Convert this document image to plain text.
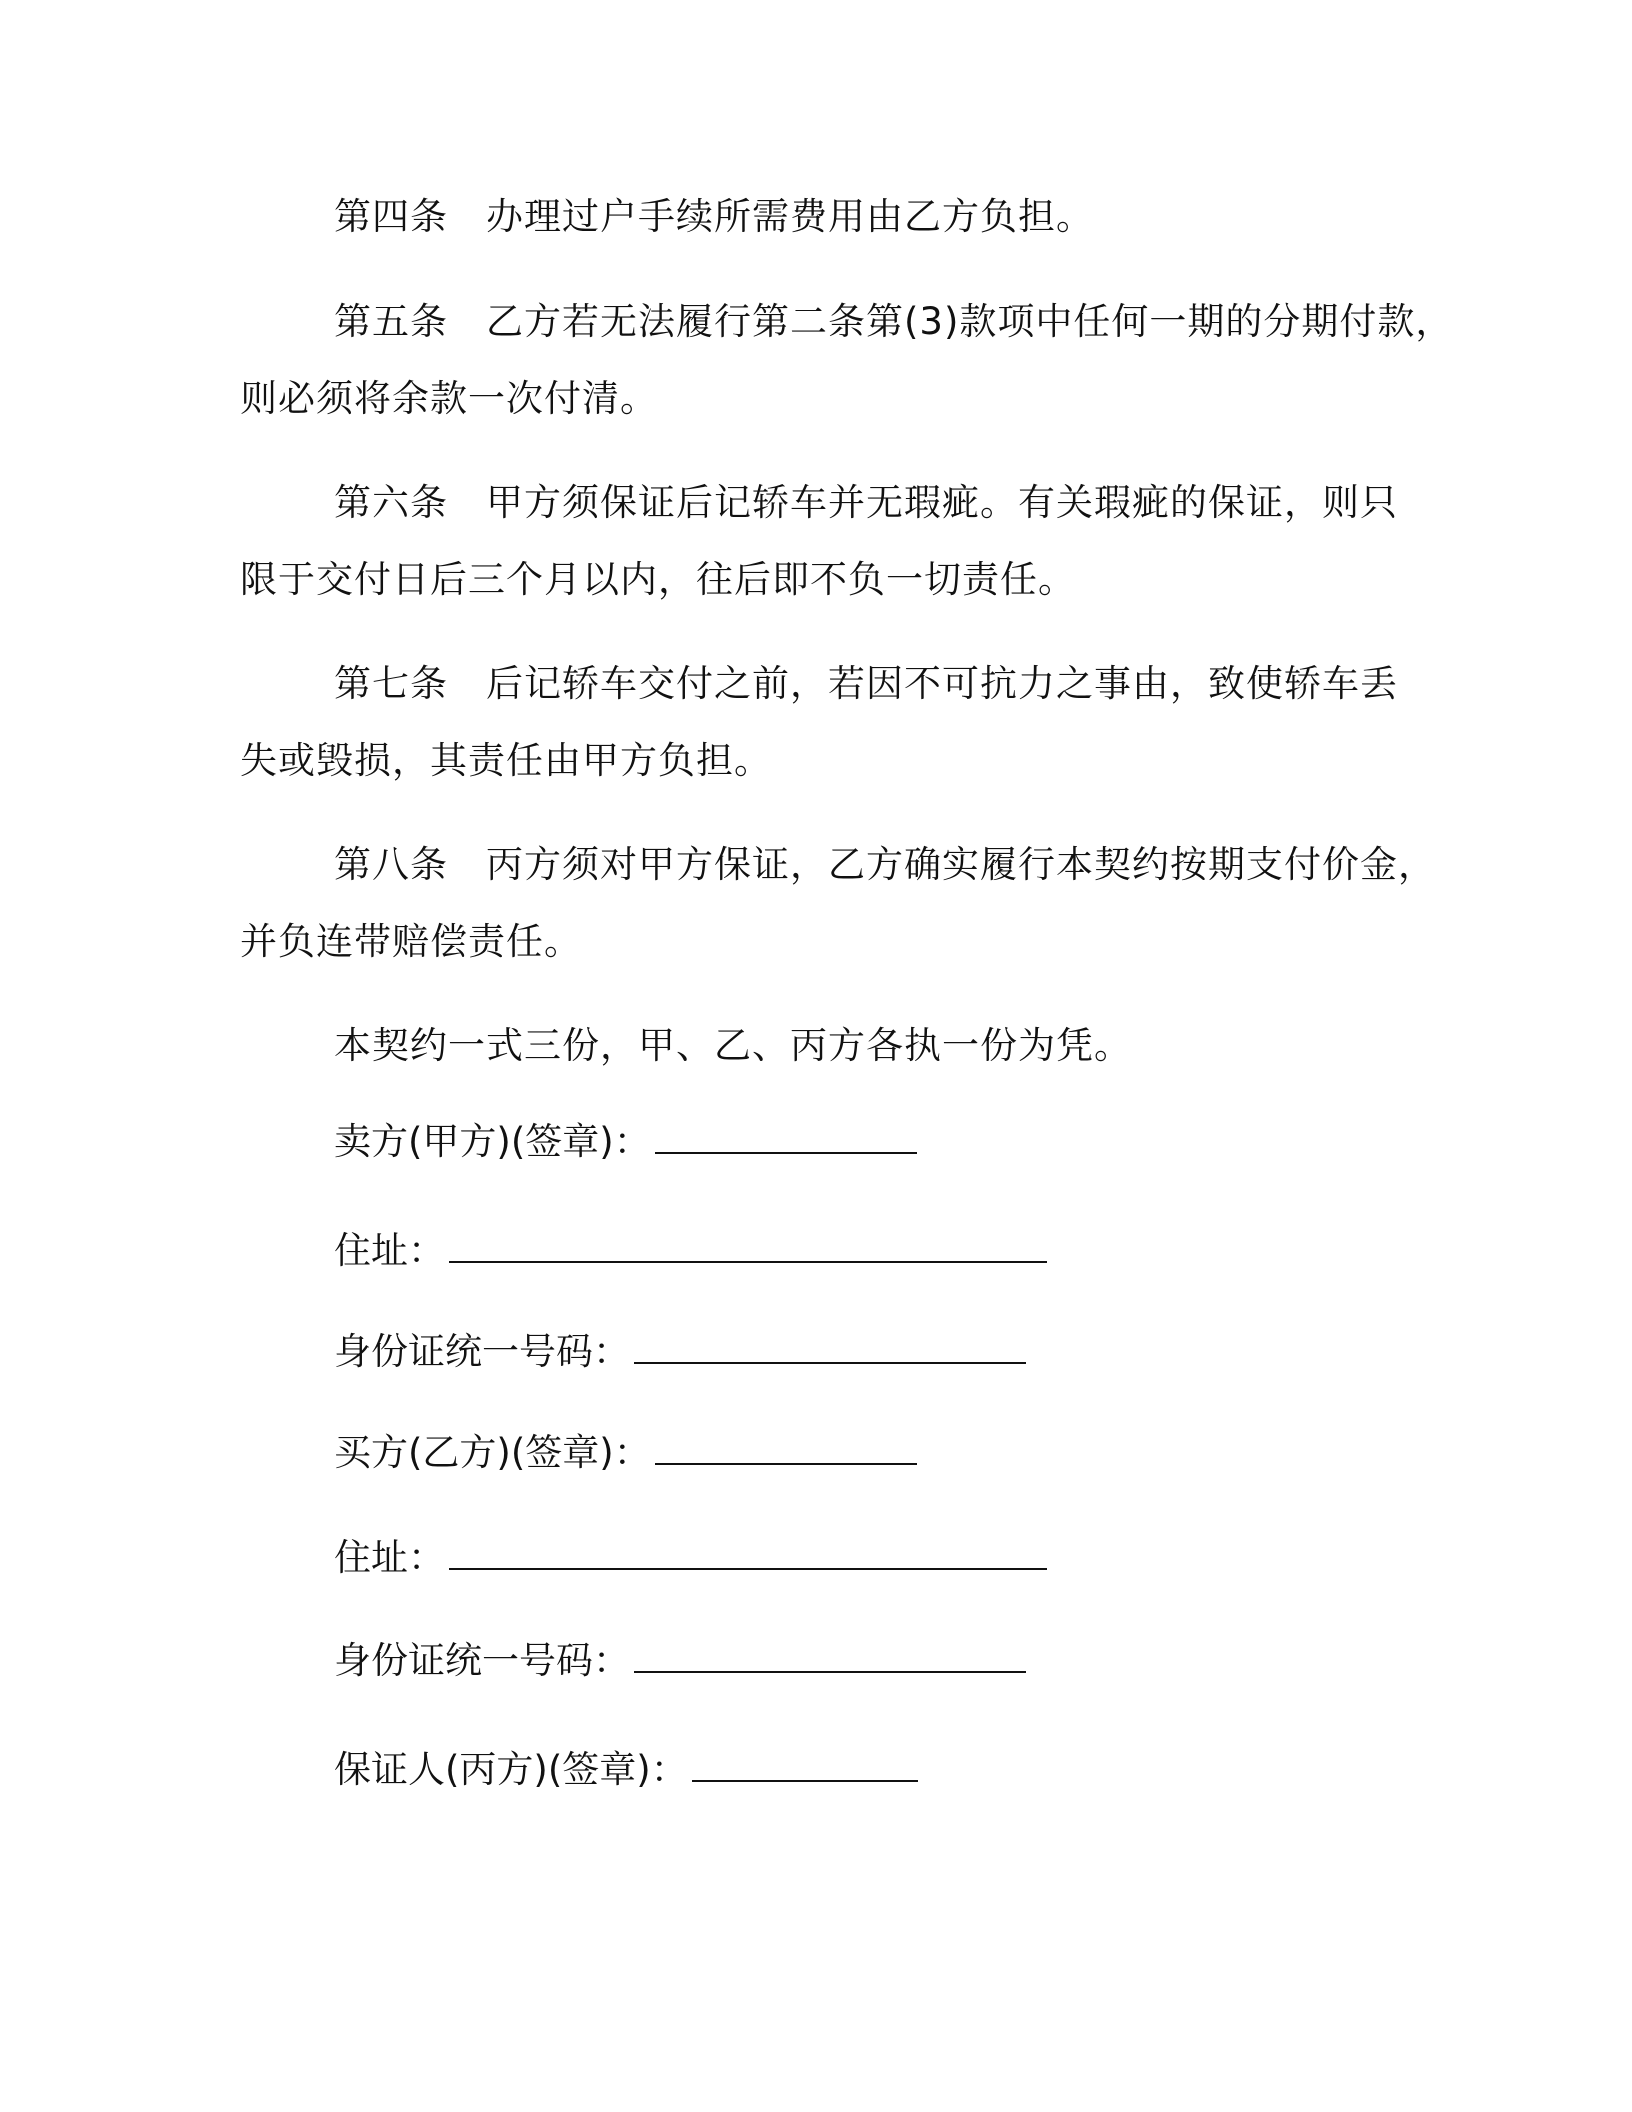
第四条 办理过户手续所需费用由乙方负担。
第五条 乙方若无法履行第二条第(3)款项中任何一期的分期付款，
则必须将余款一次付清。
第六条 甲方须保证后记轿车并无瑕疵。有关瑕疵的保证，则只
限于交付日后三个月以内，往后即不负一切责任。
第七条 后记轿车交付之前，若因不可抗力之事由，致使轿车丢
失或毁损，其责任由甲方负担。
第八条 丙方须对甲方保证，乙方确实履行本契约按期支付价金，
并负连带赔偿责任。
本契约一式三份，甲、乙、丙方各执一份为凭。
卖方(甲方)(签章)：
住址：
身份证统一号码：
买方(乙方)(签章)：
住址：
身份证统一号码：
保证人(丙方)(签章)：
